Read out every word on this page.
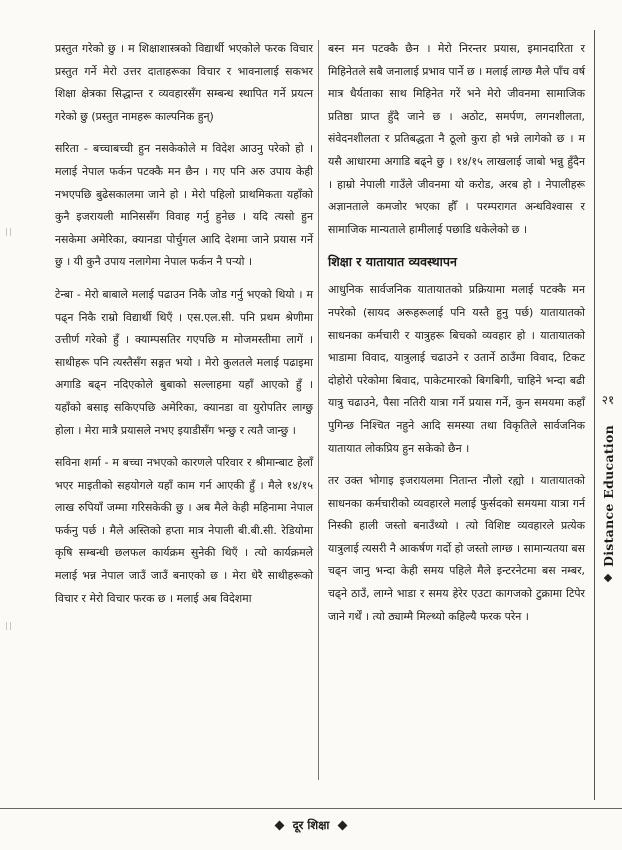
प्रस्तुत गरेको छु । म शिक्षाशास्त्रको विद्यार्थी भएकोले फरक विचार प्रस्तुत गर्ने मेरो उत्तर दाताहरूका विचार र भावनालाई सकभर शिक्षा क्षेत्रका सिद्धान्त र व्यवहारसँग सम्बन्ध स्थापित गर्ने प्रयत्न गरेको छु (प्रस्तुत नामहरू काल्पनिक हुन्)

सरिता - बच्चाबच्ची हुन नसकेकोले म विदेश आउनु परेको हो । मलाई नेपाल फर्कन पटक्कै मन छैन । गए पनि अरु उपाय केही नभएपछि बुढेसकालमा जाने हो । मेरो पहिलो प्राथमिकता यहाँको कुनै इजरायली मानिससँग विवाह गर्नु हुनेछ । यदि त्यसो हुन नसकेमा अमेरिका, क्यानडा पोर्चुगल आदि देशमा जाने प्रयास गर्ने छु । यी कुनै उपाय नलागेमा नेपाल फर्कन नै पर्‍यो ।

टेन्बा - मेरो बाबाले मलाई पढाउन निकै जोड गर्नु भएको थियो । म पढ्न निकै राम्रो विद्यार्थी थिएँ । एस.एल.सी. पनि प्रथम श्रेणीमा उत्तीर्ण गरेको हुँ । क्याम्पसतिर गएपछि म मोजमस्तीमा लागें । साथीहरू पनि त्यस्तैसँग सङ्गत भयो । मेरो कुलतले मलाई पढाइमा अगाडि बढ्न नदिएकोले बुबाको सल्लाहमा यहाँ आएको हुँ । यहाँको बसाइ सकिएपछि अमेरिका, क्यानडा वा युरोपतिर लाग्छु होला । मेरा मात्रै प्रयासले नभए इयाडीसँग भन्छु र त्यतै जान्छु ।

सविना शर्मा - म बच्चा नभएको कारणले परिवार र श्रीमान्बाट हेलाँ भएर माइतीको सहयोगले यहाँ काम गर्न आएकी हुँ । मैले १४/१५ लाख रुपियाँ जम्मा गरिसकेकी छु । अब मैले केही महिनामा नेपाल फर्कनु पर्छ । मैले अस्तिको हप्ता मात्र नेपाली बी.बी.सी. रेडियोमा कृषि सम्बन्धी छलफल कार्यक्रम सुनेकी थिएँ । त्यो कार्यक्रमले मलाई भन्न नेपाल जाउँ जाउँ बनाएको छ । मेरा धेरै साथीहरूको विचार र मेरो विचार फरक छ । मलाई अब विदेशमा

बस्न मन पटक्कै छैन । मेरो निरन्तर प्रयास, इमानदारिता र मिहिनेतले सबै जनालाई प्रभाव पार्ने छ । मलाई लाग्छ मैले पाँच वर्ष मात्र धैर्यताका साथ मिहिनेत गरें भने मेरो जीवनमा सामाजिक प्रतिष्ठा प्राप्त हुँदै जाने छ । अठोट, समर्पण, लगनशीलता, संवेदनशीलता र प्रतिबद्धता नै ठूलो कुरा हो भन्ने लागेको छ । म यसै आधारमा अगाडि बढ्ने छु । १४/१५ लाखलाई जाबो भन्नु हुँदैन । हाम्रो नेपाली गाउँले जीवनमा यो करोड, अरब हो । नेपालीहरू अज्ञानताले कमजोर भएका हौँ । परम्परागत अन्धविश्वास र सामाजिक मान्यताले हामीलाई पछाडि धकेलेको छ ।

शिक्षा र यातायात व्यवस्थापन

आधुनिक सार्वजनिक यातायातको प्रक्रियामा मलाई पटक्कै मन नपरेको (सायद अरूहरूलाई पनि यस्तै हुनु पर्छ) यातायातको साधनका कर्मचारी र यात्रुहरू बिचको व्यवहार हो । यातायातको भाडामा विवाद, यात्रुलाई चढाउने र उतार्ने ठाउँमा विवाद, टिकट दोहोरो परेकोमा बिवाद, पाकेटमारको बिगबिगी, चाहिने भन्दा बढी यात्रु चढाउने, पैसा नतिरी यात्रा गर्ने प्रयास गर्ने, कुन समयमा कहाँ पुगिन्छ निश्चित नहुने आदि समस्या तथा विकृतिले सार्वजनिक यातायात लोकप्रिय हुन सकेको छैन ।

तर उक्त भोगाइ इजरायलमा नितान्त नौलो रह्यो । यातायातको साधनका कर्मचारीको व्यवहारले मलाई फुर्सदको समयमा यात्रा गर्न निस्की हाली जस्तो बनाउँथ्यो । त्यो विशिष्ट व्यवहारले प्रत्येक यात्रुलाई त्यसरी नै आकर्षण गर्दो हो जस्तो लाग्छ । सामान्यतया बस चढ्न जानु भन्दा केही समय पहिले मैले इन्टरनेटमा बस नम्बर, चढ्ने ठाउँ, लाग्ने भाडा र समय हेरेर एउटा कागजको टुक्रामा टिपेर जाने गर्थें । त्यो ठ्याम्मै मिल्थ्यो कहिल्यै फरक परेन ।

२१
Distance Education
दूर शिक्षा
